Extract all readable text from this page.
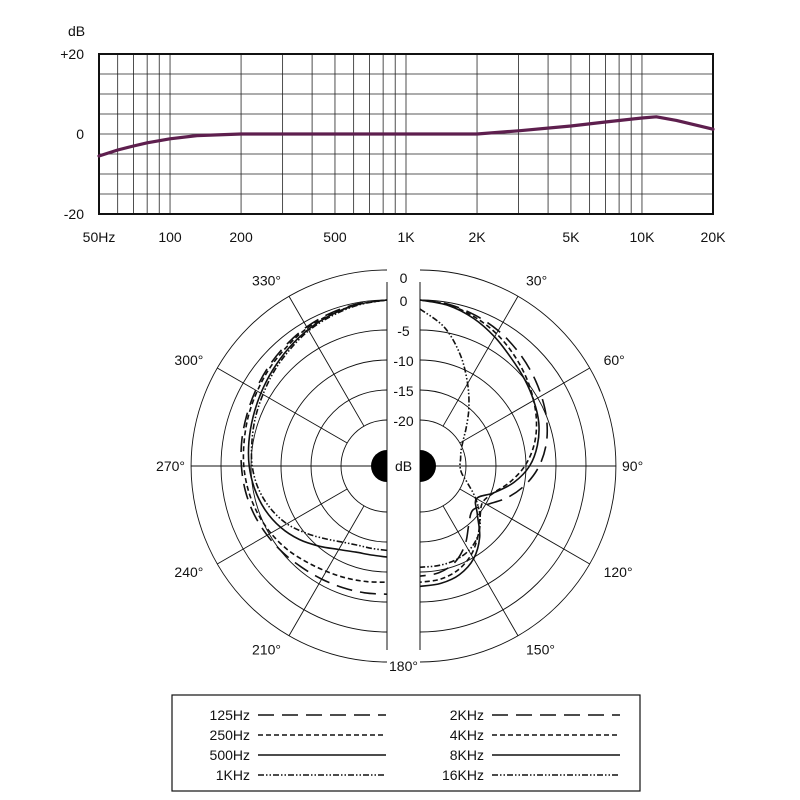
dB
+20
0
-20
50Hz	100	200	500	1K	2K	5K	10K	20K
0	30°
60°
90°
120°
150°
180°
210°
240°
270°
300°
330°
0
-5
-10
-15
-20
dB
125Hz
250Hz
500Hz
1KHz
2KHz
4KHz
8KHz
16KHz
